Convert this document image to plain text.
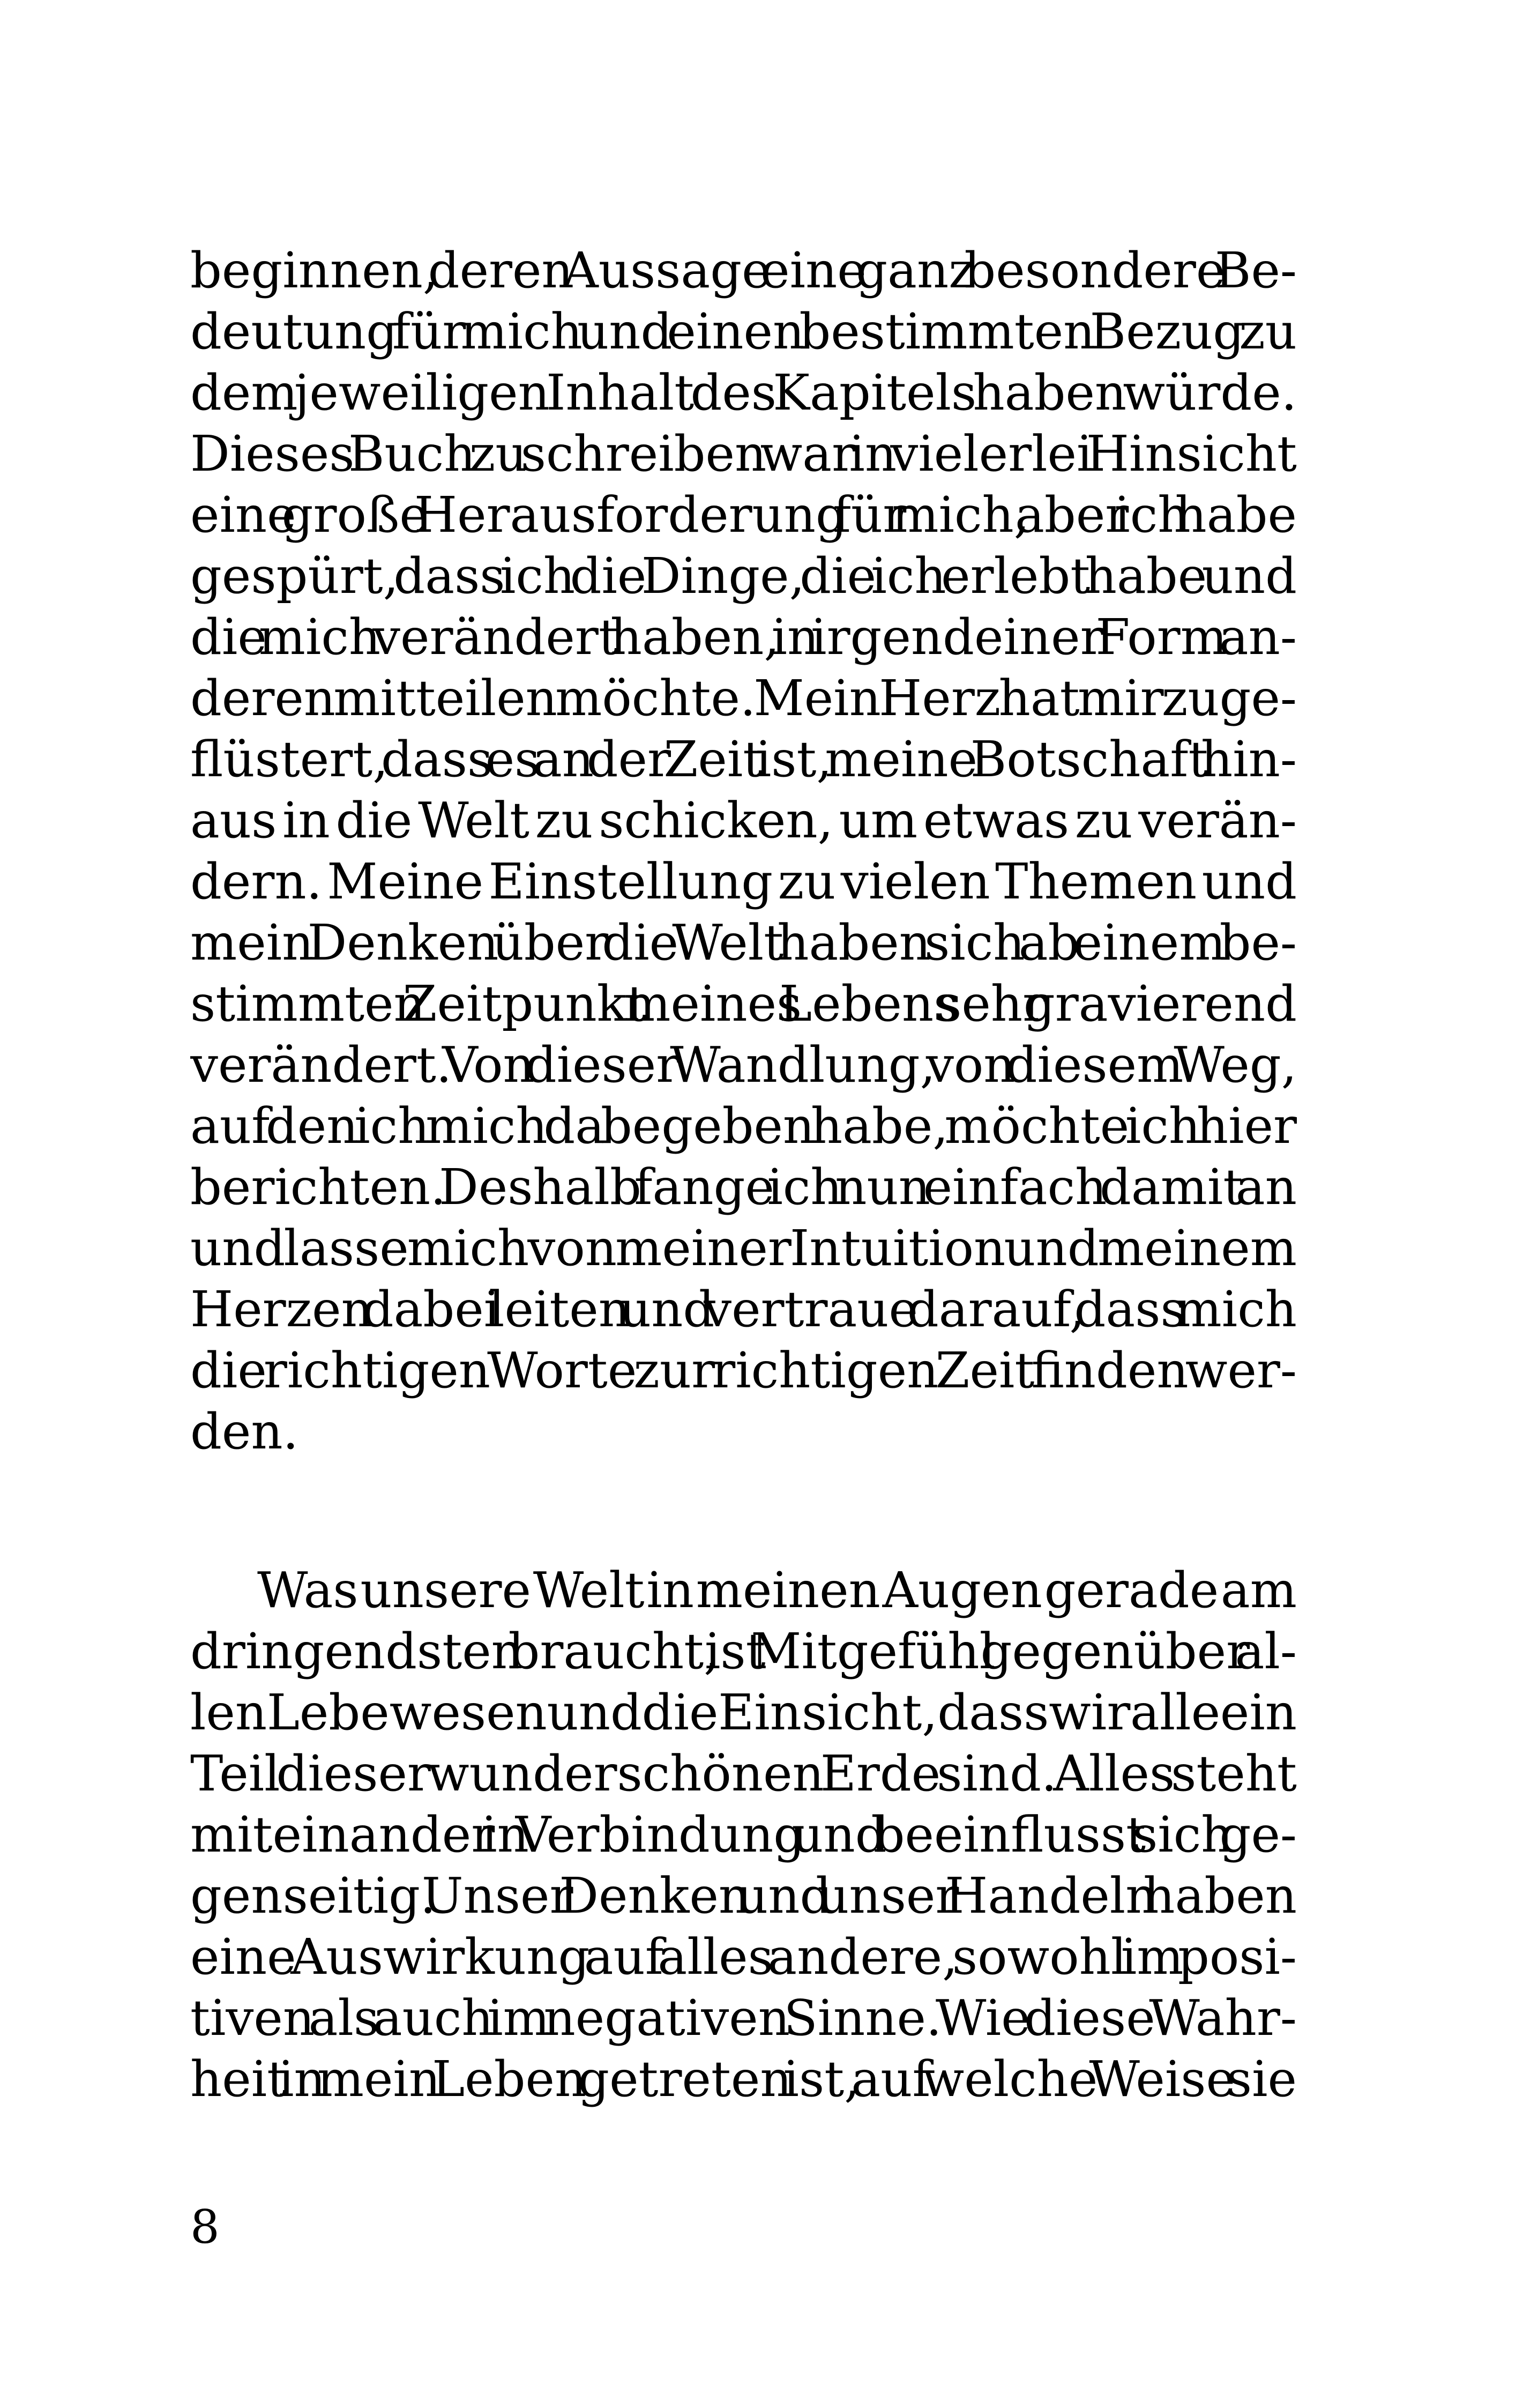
beginnen, deren Aussage eine ganz besondere Be-
deutung für mich und einen bestimmten Bezug zu
dem jeweiligen Inhalt des Kapitels haben würde.
Dieses Buch zu schreiben war in vielerlei Hinsicht
eine große Herausforderung für mich, aber ich habe
gespürt, dass ich die Dinge, die ich erlebt habe und
die mich verändert haben, in irgendeiner Form an-
deren mitteilen möchte. Mein Herz hat mir zuge-
flüstert, dass es an der Zeit ist, meine Botschaft hin-
aus in die Welt zu schicken, um etwas zu verän-
dern. Meine Einstellung zu vielen Themen und
mein Denken über die Welt haben sich ab einem be-
stimmten Zeitpunkt meines Lebens sehr gravierend
verändert. Von dieser Wandlung, von diesem Weg,
auf den ich mich da begeben habe, möchte ich hier
berichten. Deshalb fange ich nun einfach damit an
und lasse mich von meiner Intuition und meinem
Herzen dabei leiten und vertraue darauf, dass mich
die richtigen Worte zur richtigen Zeit finden wer-
den.
Was unsere Welt in meinen Augen gerade am
dringendsten braucht, ist Mitgefühl gegenüber al-
len Lebewesen und die Einsicht, dass wir alle ein
Teil dieser wunderschönen Erde sind. Alles steht
miteinander in Verbindung und beeinflusst sich ge-
genseitig. Unser Denken und unser Handeln haben
eine Auswirkung auf alles andere, sowohl im posi-
tiven als auch im negativen Sinne. Wie diese Wahr-
heit in mein Leben getreten ist, auf welche Weise sie
8
